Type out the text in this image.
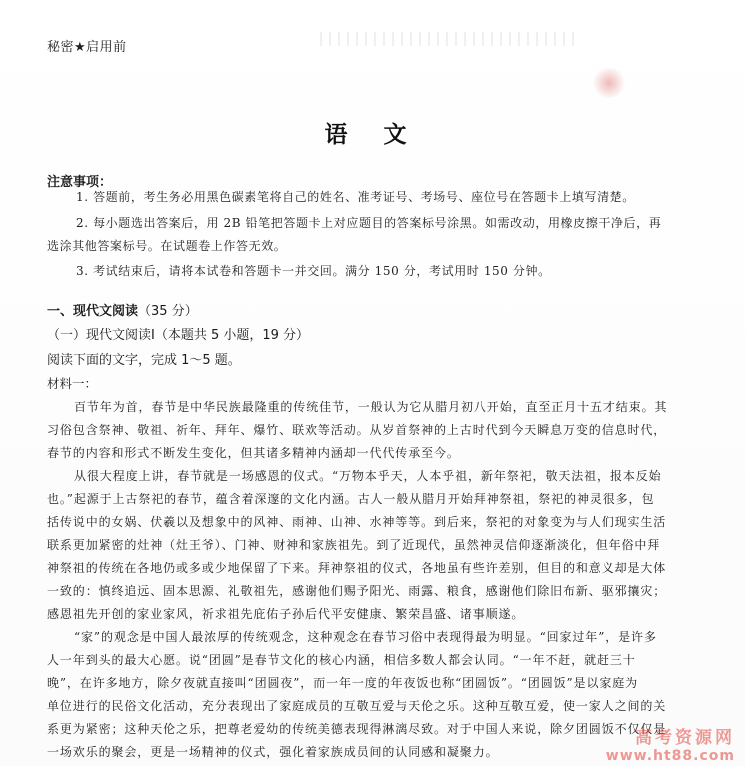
秘密★启用前
语 文
注意事项：
1. 答题前，考生务必用黑色碳素笔将自己的姓名、准考证号、考场号、座位号在答题卡上填写清楚。
2. 每小题选出答案后，用 2B 铅笔把答题卡上对应题目的答案标号涂黑。如需改动，用橡皮擦干净后，再
选涂其他答案标号。在试题卷上作答无效。
3. 考试结束后，请将本试卷和答题卡一并交回。满分 150 分，考试用时 150 分钟。
一、现代文阅读（35 分）
（一）现代文阅读Ⅰ（本题共 5 小题，19 分）
阅读下面的文字，完成 1～5 题。
材料一：
百节年为首，春节是中华民族最隆重的传统佳节，一般认为它从腊月初八开始，直至正月十五才结束。其
习俗包含祭神、敬祖、祈年、拜年、爆竹、联欢等活动。从岁首祭神的上古时代到今天瞬息万变的信息时代，
春节的内容和形式不断发生变化，但其诸多精神内涵却一代代传承至今。
从很大程度上讲，春节就是一场感恩的仪式。“万物本乎天，人本乎祖，新年祭祀，敬天法祖，报本反始
也。”起源于上古祭祀的春节，蕴含着深邃的文化内涵。古人一般从腊月开始拜神祭祖，祭祀的神灵很多，包
括传说中的女娲、伏羲以及想象中的风神、雨神、山神、水神等等。到后来，祭祀的对象变为与人们现实生活
联系更加紧密的灶神（灶王爷）、门神、财神和家族祖先。到了近现代，虽然神灵信仰逐渐淡化，但年俗中拜
神祭祖的传统在各地仍或多或少地保留了下来。拜神祭祖的仪式，各地虽有些许差别，但目的和意义却是大体
一致的：慎终追远、固本思源、礼敬祖先，感谢他们赐予阳光、雨露、粮食，感谢他们除旧布新、驱邪攘灾；
感恩祖先开创的家业家风，祈求祖先庇佑子孙后代平安健康、繁荣昌盛、诸事顺遂。
“家”的观念是中国人最浓厚的传统观念，这种观念在春节习俗中表现得最为明显。“回家过年”，是许多
人一年到头的最大心愿。说“团圆”是春节文化的核心内涵，相信多数人都会认同。“一年不赶，就赶三十
晚”，在许多地方，除夕夜就直接叫“团圆夜”，而一年一度的年夜饭也称“团圆饭”。“团圆饭”是以家庭为
单位进行的民俗文化活动，充分表现出了家庭成员的互敬互爱与天伦之乐。这种互敬互爱，使一家人之间的关
系更为紧密；这种天伦之乐，把尊老爱幼的传统美德表现得淋漓尽致。对于中国人来说，除夕团圆饭不仅仅是
一场欢乐的聚会，更是一场精神的仪式，强化着家族成员间的认同感和凝聚力。
高考资源网
www.ht88.com
